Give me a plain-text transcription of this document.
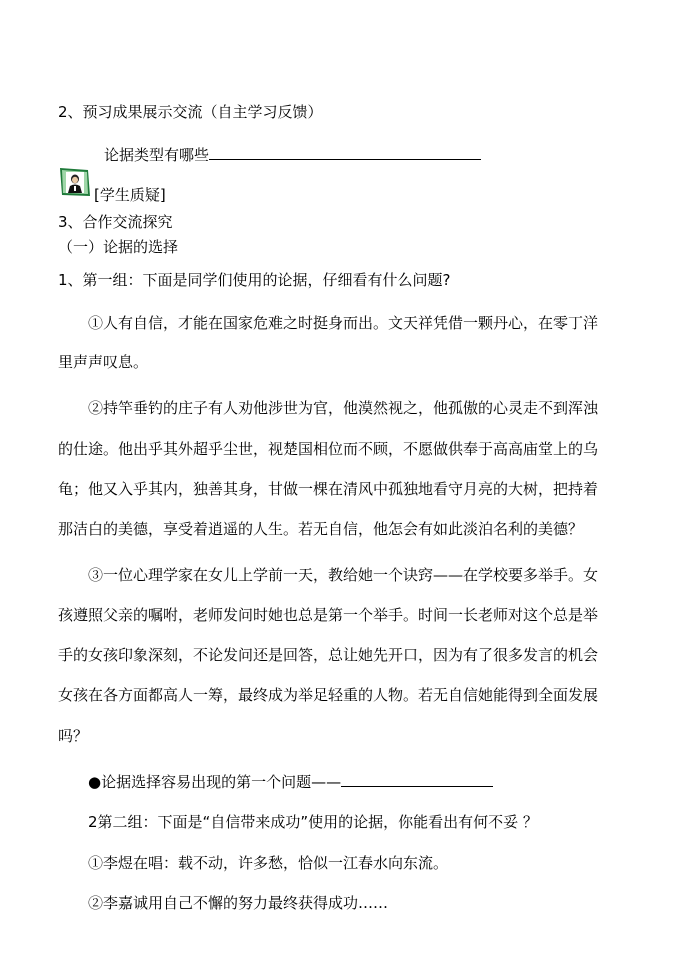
2、预习成果展示交流（自主学习反馈）
论据类型有哪些
[学生质疑]
3、合作交流探究
（一）论据的选择
1、第一组：下面是同学们使用的论据，仔细看有什么问题?
①人有自信，才能在国家危难之时挺身而出。文天祥凭借一颗丹心，在零丁洋
里声声叹息。
②持竿垂钓的庄子有人劝他涉世为官，他漠然视之，他孤傲的心灵走不到浑浊
的仕途。他出乎其外超乎尘世，视楚国相位而不顾，不愿做供奉于高高庙堂上的乌
龟；他又入乎其内，独善其身，甘做一棵在清风中孤独地看守月亮的大树，把持着
那洁白的美德，享受着逍遥的人生。若无自信，他怎会有如此淡泊名利的美德？
③一位心理学家在女儿上学前一天，教给她一个诀窍——在学校要多举手。女
孩遵照父亲的嘱咐，老师发问时她也总是第一个举手。时间一长老师对这个总是举
手的女孩印象深刻，不论发问还是回答，总让她先开口，因为有了很多发言的机会
女孩在各方面都高人一筹，最终成为举足轻重的人物。若无自信她能得到全面发展
吗？
●论据选择容易出现的第一个问题——
2第二组：下面是“自信带来成功”使用的论据，你能看出有何不妥 ？
①李煜在唱：载不动，许多愁，恰似一江春水向东流。
②李嘉诚用自己不懈的努力最终获得成功……
